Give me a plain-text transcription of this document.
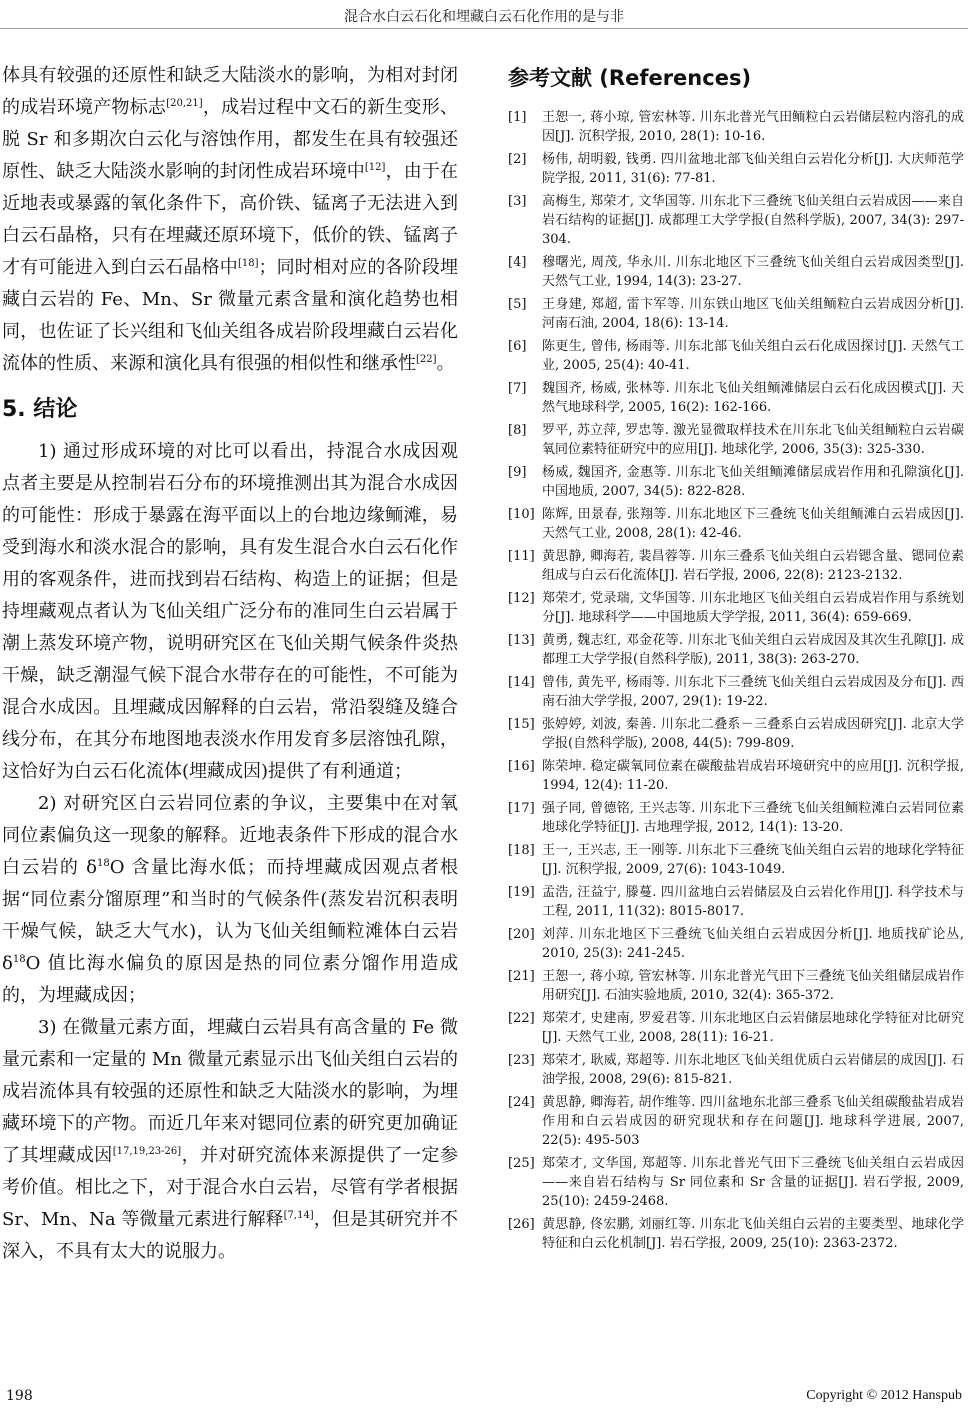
混合水白云石化和埋藏白云石化作用的是与非

体具有较强的还原性和缺乏大陆淡水的影响，为相对封闭的成岩环境产物标志[20,21]，成岩过程中文石的新生变形、脱 Sr 和多期次白云化与溶蚀作用，都发生在具有较强还原性、缺乏大陆淡水影响的封闭性成岩环境中[12]，由于在近地表或暴露的氧化条件下，高价铁、锰离子无法进入到白云石晶格，只有在埋藏还原环境下，低价的铁、锰离子才有可能进入到白云石晶格中[18]；同时相对应的各阶段埋藏白云岩的 Fe、Mn、Sr 微量元素含量和演化趋势也相同，也佐证了长兴组和飞仙关组各成岩阶段埋藏白云岩化流体的性质、来源和演化具有很强的相似性和继承性[22]。

5. 结论

1) 通过形成环境的对比可以看出，持混合水成因观点者主要是从控制岩石分布的环境推测出其为混合水成因的可能性：形成于暴露在海平面以上的台地边缘鲕滩，易受到海水和淡水混合的影响，具有发生混合水白云石化作用的客观条件，进而找到岩石结构、构造上的证据；但是持埋藏观点者认为飞仙关组广泛分布的准同生白云岩属于潮上蒸发环境产物，说明研究区在飞仙关期气候条件炎热干燥，缺乏潮湿气候下混合水带存在的可能性，不可能为混合水成因。且埋藏成因解释的白云岩，常沿裂缝及缝合线分布，在其分布地图地表淡水作用发育多层溶蚀孔隙，这恰好为白云石化流体(埋藏成因)提供了有利通道；

2) 对研究区白云岩同位素的争议，主要集中在对氧同位素偏负这一现象的解释。近地表条件下形成的混合水白云岩的 $\delta^{18}O$ 含量比海水低；而持埋藏成因观点者根据“同位素分馏原理”和当时的气候条件(蒸发岩沉积表明干燥气候，缺乏大气水)，认为飞仙关组鲕粒滩体白云岩 $\delta^{18}O$ 值比海水偏负的原因是热的同位素分馏作用造成的，为埋藏成因；

3) 在微量元素方面，埋藏白云岩具有高含量的 Fe 微量元素和一定量的 Mn 微量元素显示出飞仙关组白云岩的成岩流体具有较强的还原性和缺乏大陆淡水的影响，为埋藏环境下的产物。而近几年来对锶同位素的研究更加确证了其埋藏成因[17,19,23-26]，并对研究流体来源提供了一定参考价值。相比之下，对于混合水白云岩，尽管有学者根据 Sr、Mn、Na 等微量元素进行解释[7,14]，但是其研究并不深入，不具有太大的说服力。

参考文献 (References)
[1] 王恕一, 蒋小琼, 管宏林等. 川东北普光气田鲕粒白云岩储层粒内溶孔的成因[J]. 沉积学报, 2010, 28(1): 10-16.
[2] 杨伟, 胡明毅, 钱勇. 四川盆地北部飞仙关组白云岩化分析[J]. 大庆师范学院学报, 2011, 31(6): 77-81.
[3] 高梅生, 郑荣才, 文华国等. 川东北下三叠统飞仙关组白云岩成因——来自岩石结构的证据[J]. 成都理工大学学报(自然科学版), 2007, 34(3): 297-304.
[4] 穆曙光, 周茂, 华永川. 川东北地区下三叠统飞仙关组白云岩成因类型[J]. 天然气工业, 1994, 14(3): 23-27.
[5] 王身建, 郑超, 雷卞军等. 川东铁山地区飞仙关组鲕粒白云岩成因分析[J]. 河南石油, 2004, 18(6): 13-14.
[6] 陈更生, 曾伟, 杨雨等. 川东北部飞仙关组白云石化成因探讨[J]. 天然气工业, 2005, 25(4): 40-41.
[7] 魏国齐, 杨威, 张林等. 川东北飞仙关组鲕滩储层白云石化成因模式[J]. 天然气地球科学, 2005, 16(2): 162-166.
[8] 罗平, 苏立萍, 罗忠等. 激光显微取样技术在川东北飞仙关组鲕粒白云岩碳氧同位素特征研究中的应用[J]. 地球化学, 2006, 35(3): 325-330.
[9] 杨威, 魏国齐, 金惠等. 川东北飞仙关组鲕滩储层成岩作用和孔隙演化[J]. 中国地质, 2007, 34(5): 822-828.
[10] 陈辉, 田景春, 张翔等. 川东北地区下三叠统飞仙关组鲕滩白云岩成因[J]. 天然气工业, 2008, 28(1): 42-46.
[11] 黄思静, 卿海若, 裴昌蓉等. 川东三叠系飞仙关组白云岩锶含量、锶同位素组成与白云石化流体[J]. 岩石学报, 2006, 22(8): 2123-2132.
[12] 郑荣才, 党录瑞, 文华国等. 川东北地区飞仙关组白云岩成岩作用与系统划分[J]. 地球科学——中国地质大学学报, 2011, 36(4): 659-669.
[13] 黄勇, 魏志红, 邓金花等. 川东北飞仙关组白云岩成因及其次生孔隙[J]. 成都理工大学学报(自然科学版), 2011, 38(3): 263-270.
[14] 曾伟, 黄先平, 杨雨等. 川东北下三叠统飞仙关组白云岩成因及分布[J]. 西南石油大学学报, 2007, 29(1): 19-22.
[15] 张婷婷, 刘波, 秦善. 川东北二叠系－三叠系白云岩成因研究[J]. 北京大学学报(自然科学版), 2008, 44(5): 799-809.
[16] 陈荣坤. 稳定碳氧同位素在碳酸盐岩成岩环境研究中的应用[J]. 沉积学报, 1994, 12(4): 11-20.
[17] 强子同, 曾德铭, 王兴志等. 川东北下三叠统飞仙关组鲕粒滩白云岩同位素地球化学特征[J]. 古地理学报, 2012, 14(1): 13-20.
[18] 王一, 王兴志, 王一刚等. 川东北下三叠统飞仙关组白云岩的地球化学特征[J]. 沉积学报, 2009, 27(6): 1043-1049.
[19] 孟浩, 汪益宁, 滕蔓. 四川盆地白云岩储层及白云岩化作用[J]. 科学技术与工程, 2011, 11(32): 8015-8017.
[20] 刘萍. 川东北地区下三叠统飞仙关组白云岩成因分析[J]. 地质找矿论丛, 2010, 25(3): 241-245.
[21] 王恕一, 蒋小琼, 管宏林等. 川东北普光气田下三叠统飞仙关组储层成岩作用研究[J]. 石油实验地质, 2010, 32(4): 365-372.
[22] 郑荣才, 史建南, 罗爱君等. 川东北地区白云岩储层地球化学特征对比研究[J]. 天然气工业, 2008, 28(11): 16-21.
[23] 郑荣才, 耿威, 郑超等. 川东北地区飞仙关组优质白云岩储层的成因[J]. 石油学报, 2008, 29(6): 815-821.
[24] 黄思静, 卿海若, 胡作维等. 四川盆地东北部三叠系飞仙关组碳酸盐岩成岩作用和白云岩成因的研究现状和存在问题[J]. 地球科学进展, 2007, 22(5): 495-503
[25] 郑荣才, 文华国, 郑超等. 川东北普光气田下三叠统飞仙关组白云岩成因——来自岩石结构与 Sr 同位素和 Sr 含量的证据[J]. 岩石学报, 2009, 25(10): 2459-2468.
[26] 黄思静, 佟宏鹏, 刘丽红等. 川东北飞仙关组白云岩的主要类型、地球化学特征和白云化机制[J]. 岩石学报, 2009, 25(10): 2363-2372.
198	Copyright © 2012 Hanspub
